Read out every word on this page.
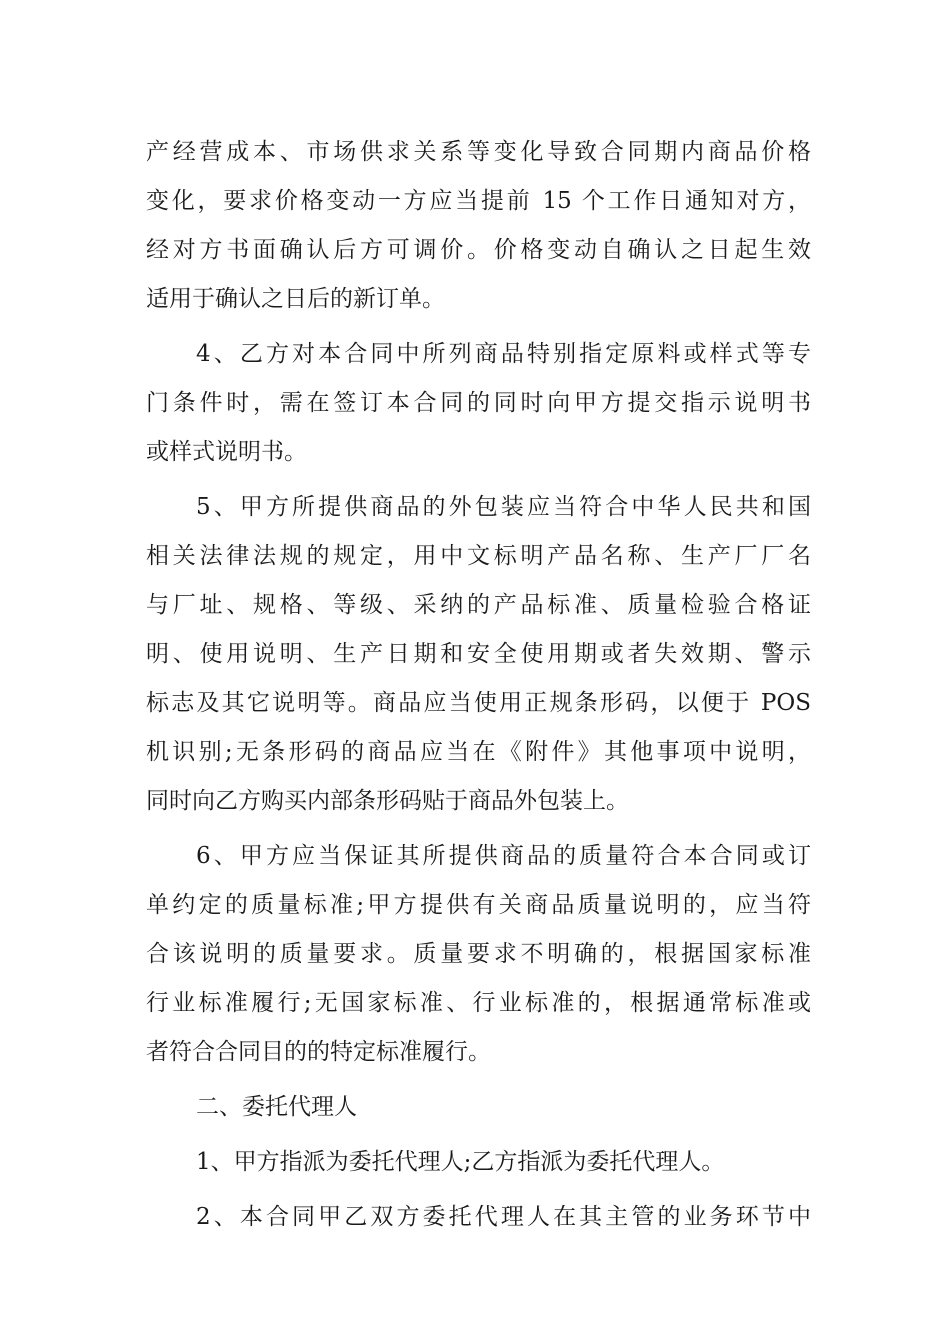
产经营成本、市场供求关系等变化导致合同期内商品价格
变化，要求价格变动一方应当提前 15 个工作日通知对方，
经对方书面确认后方可调价。价格变动自确认之日起生效
适用于确认之日后的新订单。
4、乙方对本合同中所列商品特别指定原料或样式等专
门条件时，需在签订本合同的同时向甲方提交指示说明书
或样式说明书。
5、甲方所提供商品的外包装应当符合中华人民共和国
相关法律法规的规定，用中文标明产品名称、生产厂厂名
与厂址、规格、等级、采纳的产品标准、质量检验合格证
明、使用说明、生产日期和安全使用期或者失效期、警示
标志及其它说明等。商品应当使用正规条形码，以便于 POS
机识别;无条形码的商品应当在《附件》其他事项中说明，
同时向乙方购买内部条形码贴于商品外包装上。
6、甲方应当保证其所提供商品的质量符合本合同或订
单约定的质量标准;甲方提供有关商品质量说明的，应当符
合该说明的质量要求。质量要求不明确的，根据国家标准
行业标准履行;无国家标准、行业标准的，根据通常标准或
者符合合同目的的特定标准履行。
二、委托代理人
1、甲方指派为委托代理人;乙方指派为委托代理人。
2、本合同甲乙双方委托代理人在其主管的业务环节中
